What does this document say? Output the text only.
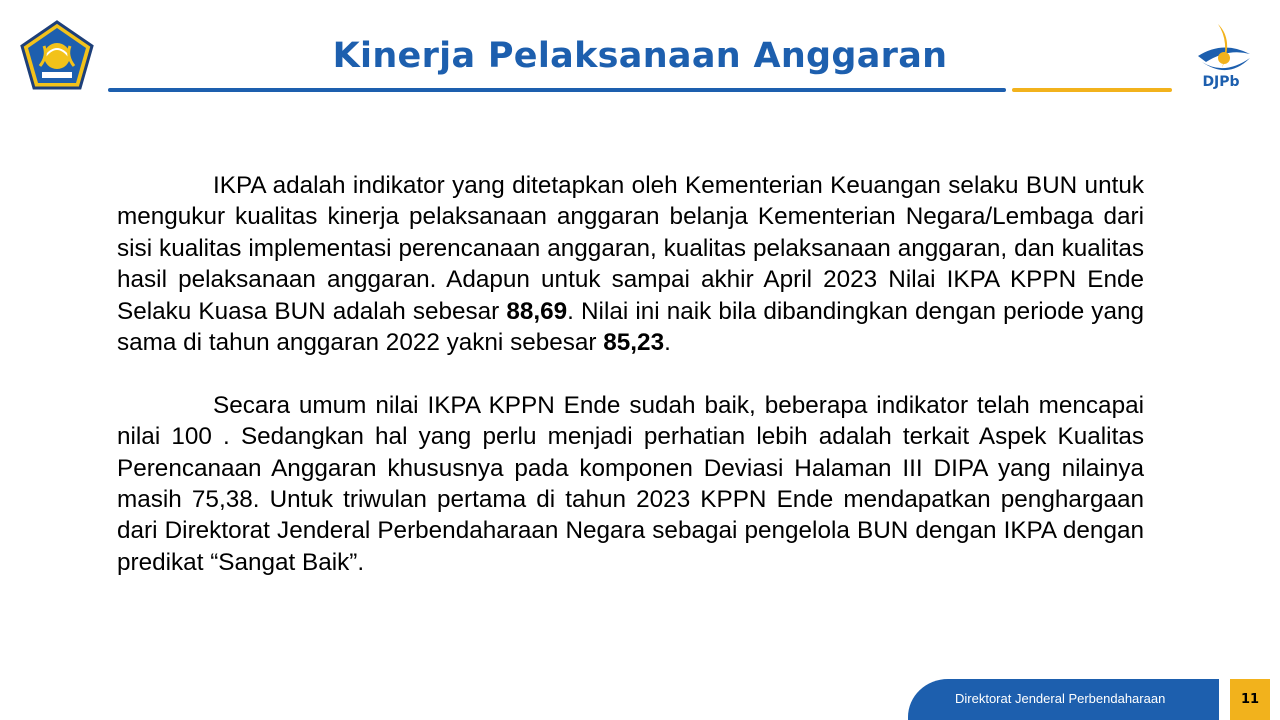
Kinerja Pelaksanaan Anggaran
DJPb

IKPA adalah indikator yang ditetapkan oleh Kementerian Keuangan selaku BUN untuk mengukur kualitas kinerja pelaksanaan anggaran belanja Kementerian Negara/Lembaga dari sisi kualitas implementasi perencanaan anggaran, kualitas pelaksanaan anggaran, dan kualitas hasil pelaksanaan anggaran. Adapun untuk sampai akhir April 2023 Nilai IKPA KPPN Ende Selaku Kuasa BUN adalah sebesar 88,69. Nilai ini naik bila dibandingkan dengan periode yang sama di tahun anggaran 2022 yakni sebesar 85,23.

Secara umum nilai IKPA KPPN Ende sudah baik, beberapa indikator telah mencapai nilai 100 . Sedangkan hal yang perlu menjadi perhatian lebih adalah terkait Aspek Kualitas Perencanaan Anggaran khususnya pada komponen Deviasi Halaman III DIPA yang nilainya masih 75,38. Untuk triwulan pertama di tahun 2023 KPPN Ende mendapatkan penghargaan dari Direktorat Jenderal Perbendaharaan Negara sebagai pengelola BUN dengan IKPA dengan predikat “Sangat Baik”.

Direktorat Jenderal Perbendaharaan	11
